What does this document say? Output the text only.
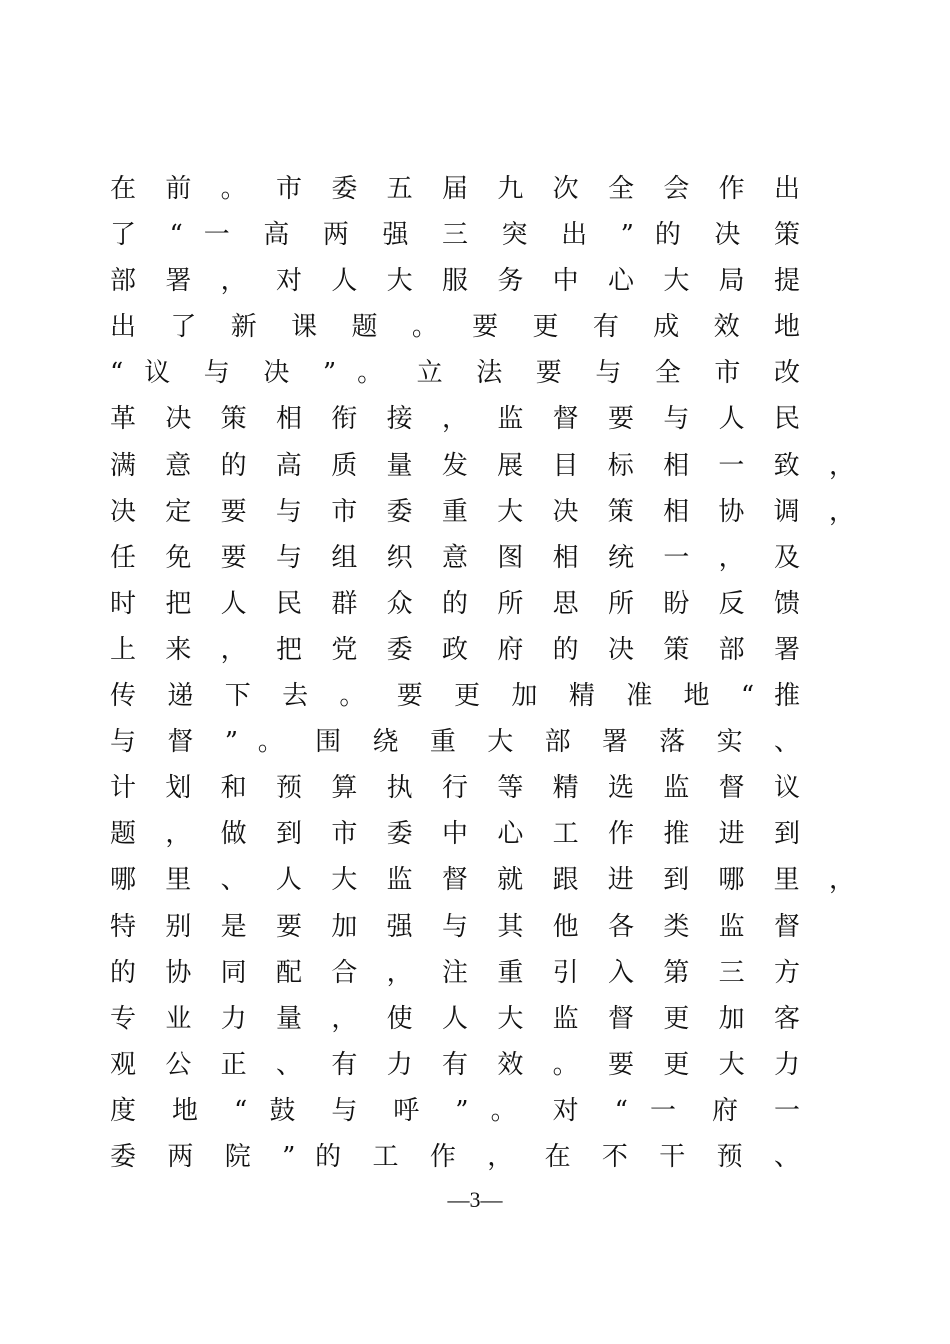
在 前 。 市 委 五 届 九 次 全 会 作 出
了 “ 一 高 两 强 三 突 出 ” 的 决 策
部 署 ， 对 人 大 服 务 中 心 大 局 提
出 了 新 课 题 。 要 更 有 成 效 地
“ 议 与 决 ” 。 立 法 要 与 全 市 改
革 决 策 相 衔 接 ， 监 督 要 与 人 民
满 意 的 高 质 量 发 展 目 标 相 一 致 ，
决 定 要 与 市 委 重 大 决 策 相 协 调 ，
任 免 要 与 组 织 意 图 相 统 一 ， 及
时 把 人 民 群 众 的 所 思 所 盼 反 馈
上 来 ， 把 党 委 政 府 的 决 策 部 署
传 递 下 去 。 要 更 加 精 准 地 “ 推
与 督 ” 。 围 绕 重 大 部 署 落 实 、
计 划 和 预 算 执 行 等 精 选 监 督 议
题 ， 做 到 市 委 中 心 工 作 推 进 到
哪 里 、 人 大 监 督 就 跟 进 到 哪 里 ，
特 别 是 要 加 强 与 其 他 各 类 监 督
的 协 同 配 合 ， 注 重 引 入 第 三 方
专 业 力 量 ， 使 人 大 监 督 更 加 客
观 公 正 、 有 力 有 效 。 要 更 大 力
度 地 “ 鼓 与 呼 ” 。 对 “ 一 府 一
委 两 院 ” 的 工 作 ， 在 不 干 预 、
—3—
